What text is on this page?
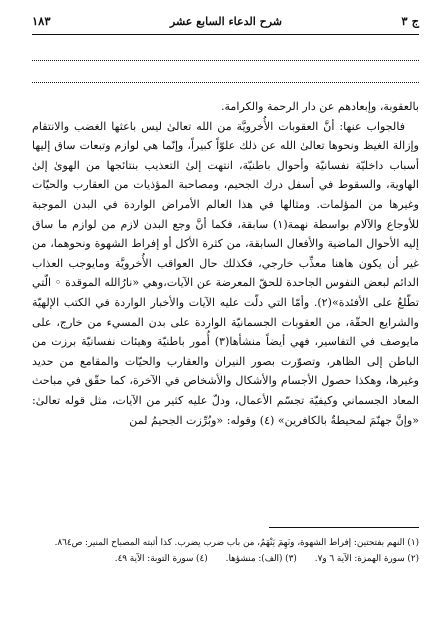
ج ٣
شرح الدعاء السابع عشر
١٨٣

بالعقوبة، وإبعادهم عن دار الرحمة والكرامة.

فالجواب عنها: أنَّ العقوبات الأُخرويَّة من الله تعالىٰ ليس باعثها الغضب والانتقام وإزالة الغيظ ونحوها تعالىٰ الله عن ذلك علوّاً كبيراً، وإنّما هي لوازم وتبعات ساق إليها أسباب داخليّة نفسانيّة وأحوال باطنيّة، انتهت إلىٰ التعذيب بنتائجها من الهوىٰ إلىٰ الهاوية، والسقوط في أسفل درك الجحيم، ومصاحبة المؤذيات من العقارب والحيّات وغيرها من المؤلمات. ومثالها في هذا العالم الأمراض الواردة في البدن الموجبة للأوجاع والآلام بواسطة نهمة(١) سابقة، فكما أنَّ وجع البدن لازم من لوازم ما ساق إليه الأحوال الماضية والأفعال السابقة، من كثرة الأكل أو إفراط الشهوة ونحوهما، من غير أن يكون هاهنا معذِّب خارجي، فكذلك حال العواقب الأُخرويَّة ومايوجب العذاب الدائم لبعض النفوس الجاحدة للحقّ المعرضة عن الآيات،وهي «نارُالله الموقدة ◦ الّتي تطّلعُ على الأفئدة»(٢). وأمّا التي دلّت عليه الآيات والأخبار الواردة في الكتب الإلهيّة والشرايع الحقّة، من العقوبات الجسمانيّة الواردة على بدن المسيء من خارج، على مايوصف في التفاسير، فهي أيضاً منشأها(٣) أُمور باطنيّة وهيئات نفسانيّة برزت من الباطن إلى الظاهر، وتصوّرت بصور النيران والعقارب والحيّات والمقامع من حديد وغيرها، وهكذا حصول الأجسام والأشكال والأشخاص في الآخرة، كما حقّق في مباحث المعاد الجسماني وكيفيّة تجسّم الأعمال، ودلّ عليه كثير من الآيات، مثل قوله تعالىٰ: «وإنَّ جهنّمَ لمحيطةٌ بالكافرين» (٤) وقوله: «وبُرِّزت الجحيمُ لمن

(١) النهم بفتحتين: إفراط الشهوة، ونَهِمَ يَنْهَمُ، من باب ضرب يضرب. كذا أثبته المصباح المنير: ص٨٦٤.

(٢) سورة الهمزة: الآية ٦ و٧.
(٣) (الف): منشؤها.
(٤) سورة التوبة: الآية ٤٩.
